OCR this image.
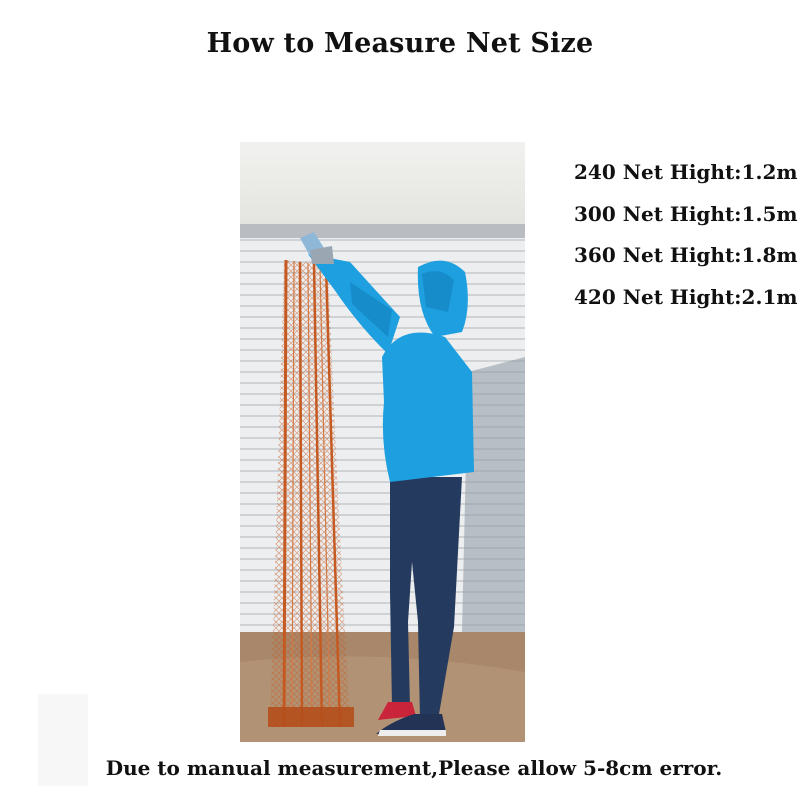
How to Measure Net Size
240 Net Hight:1.2m
300 Net Hight:1.5m
360 Net Hight:1.8m
420 Net Hight:2.1m
Due to manual measurement,Please allow 5-8cm error.
